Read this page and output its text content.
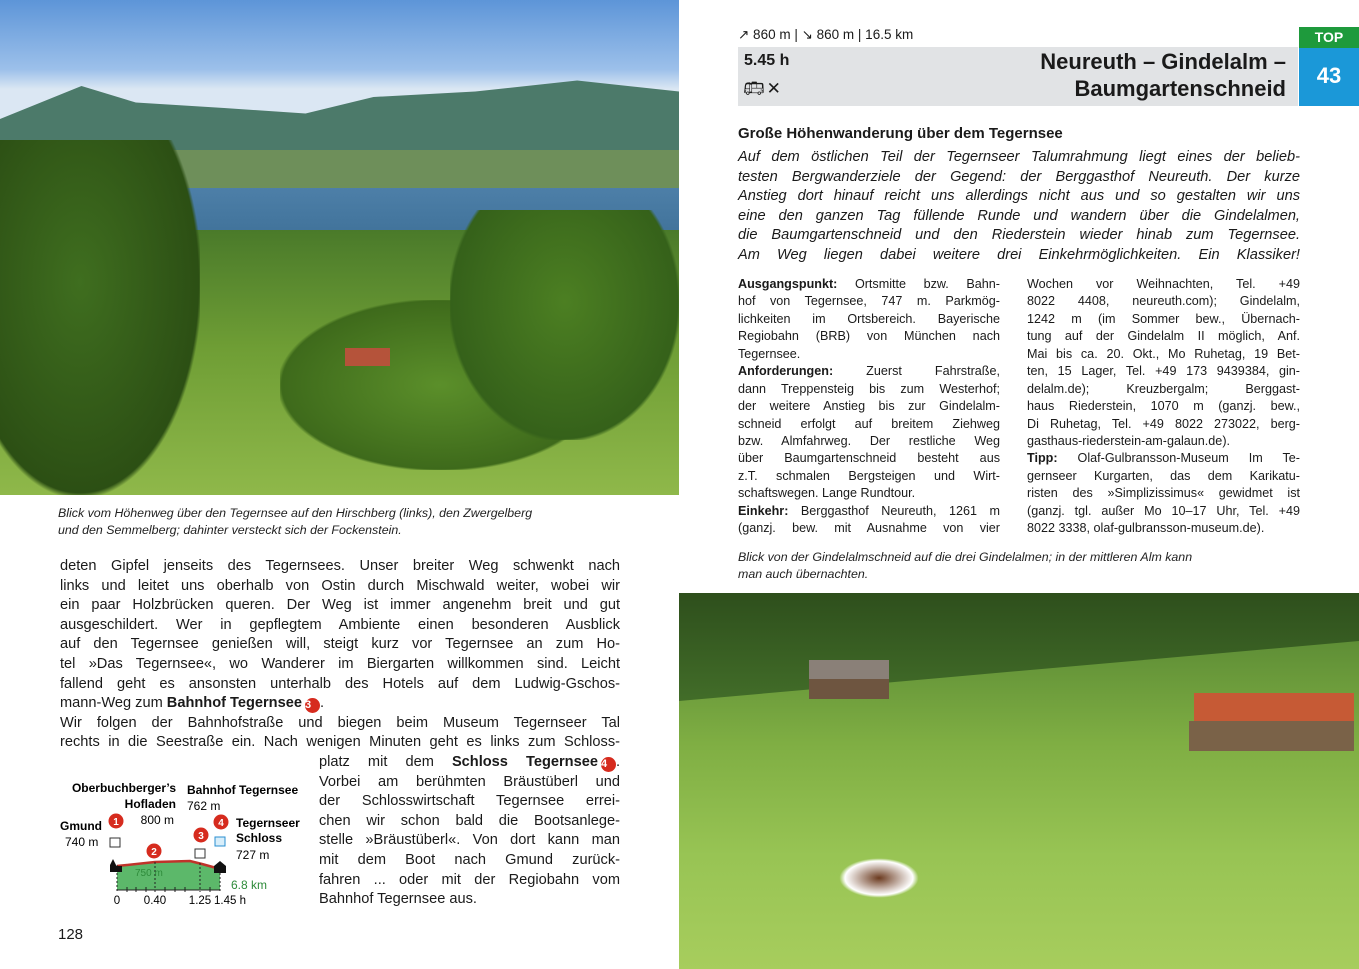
Blick vom Höhenweg über den Tegernsee auf den Hirschberg (links), den Zwergelberg
und den Semmelberg; dahinter versteckt sich der Fockenstein.
deten Gipfel jenseits des Tegernsees. Unser breiter Weg schwenkt nach
links und leitet uns oberhalb von Ostin durch Mischwald weiter, wobei wir
ein paar Holzbrücken queren. Der Weg ist immer angenehm breit und gut
ausgeschildert. Wer in gepflegtem Ambiente einen besonderen Ausblick
auf den Tegernsee genießen will, steigt kurz vor Tegernsee an zum Ho-
tel »Das Tegernsee«, wo Wanderer im Biergarten willkommen sind. Leicht
fallend geht es ansonsten unterhalb des Hotels auf dem Ludwig-Gschos-
mann-Weg zum Bahnhof Tegernsee 3 .
Wir folgen der Bahnhofstraße und biegen beim Museum Tegernseer Tal
rechts in die Seestraße ein. Nach wenigen Minuten geht es links zum Schloss-
platz mit dem Schloss Tegernsee 4 .
Vorbei am berühmten Bräustüberl und
der Schlosswirtschaft Tegernsee errei-
chen wir schon bald die Bootsanlege-
stelle »Bräustüberl«. Von dort kann man
mit dem Boot nach Gmund zurück-
fahren ... oder mit der Regiobahn vom
Bahnhof Tegernsee aus.
Oberbuchberger’s
Hofladen
800 m
Bahnhof Tegernsee
762 m
Gmund
740 m
Tegernseer
Schloss
727 m
1
2
3
4
750 m
6.8 km
0 0.40 1.25 1.45 h
128
↗ 860 m | ↘ 860 m | 16.5 km
5.45 h
🚌︎ ✕
Neureuth – Gindelalm –
Baumgartenschneid
TOP
43
Große Höhenwanderung über dem Tegernsee
Auf dem östlichen Teil der Tegernseer Talumrahmung liegt eines der belieb-
testen Bergwanderziele der Gegend: der Berggasthof Neureuth. Der kurze
Anstieg dort hinauf reicht uns allerdings nicht aus und so gestalten wir uns
eine den ganzen Tag füllende Runde und wandern über die Gindelalmen,
die Baumgartenschneid und den Riederstein wieder hinab zum Tegernsee.
Am Weg liegen dabei weitere drei Einkehrmöglichkeiten. Ein Klassiker!
Ausgangspunkt: Ortsmitte bzw. Bahn-
hof von Tegernsee, 747 m. Parkmög-
lichkeiten im Ortsbereich. Bayerische
Regiobahn (BRB) von München nach
Tegernsee.
Anforderungen: Zuerst Fahrstraße,
dann Treppensteig bis zum Westerhof;
der weitere Anstieg bis zur Gindelalm-
schneid erfolgt auf breitem Ziehweg
bzw. Almfahrweg. Der restliche Weg
über Baumgartenschneid besteht aus
z.T. schmalen Bergsteigen und Wirt-
schaftswegen. Lange Rundtour.
Einkehr: Berggasthof Neureuth, 1261 m
(ganzj. bew. mit Ausnahme von vier
Wochen vor Weihnachten, Tel. +49
8022 4408, neureuth.com); Gindelalm,
1242 m (im Sommer bew., Übernach-
tung auf der Gindelalm II möglich, Anf.
Mai bis ca. 20. Okt., Mo Ruhetag, 19 Bet-
ten, 15 Lager, Tel. +49 173 9439384, gin-
delalm.de); Kreuzbergalm; Berggast-
haus Riederstein, 1070 m (ganzj. bew.,
Di Ruhetag, Tel. +49 8022 273022, berg-
gasthaus-riederstein-am-galaun.de).
Tipp: Olaf-Gulbransson-Museum Im Te-
gernseer Kurgarten, das dem Karikatu-
risten des »Simplizissimus« gewidmet ist
(ganzj. tgl. außer Mo 10–17 Uhr, Tel. +49
8022 3338, olaf-gulbransson-museum.de).
Blick von der Gindelalmschneid auf die drei Gindelalmen; in der mittleren Alm kann
man auch übernachten.
